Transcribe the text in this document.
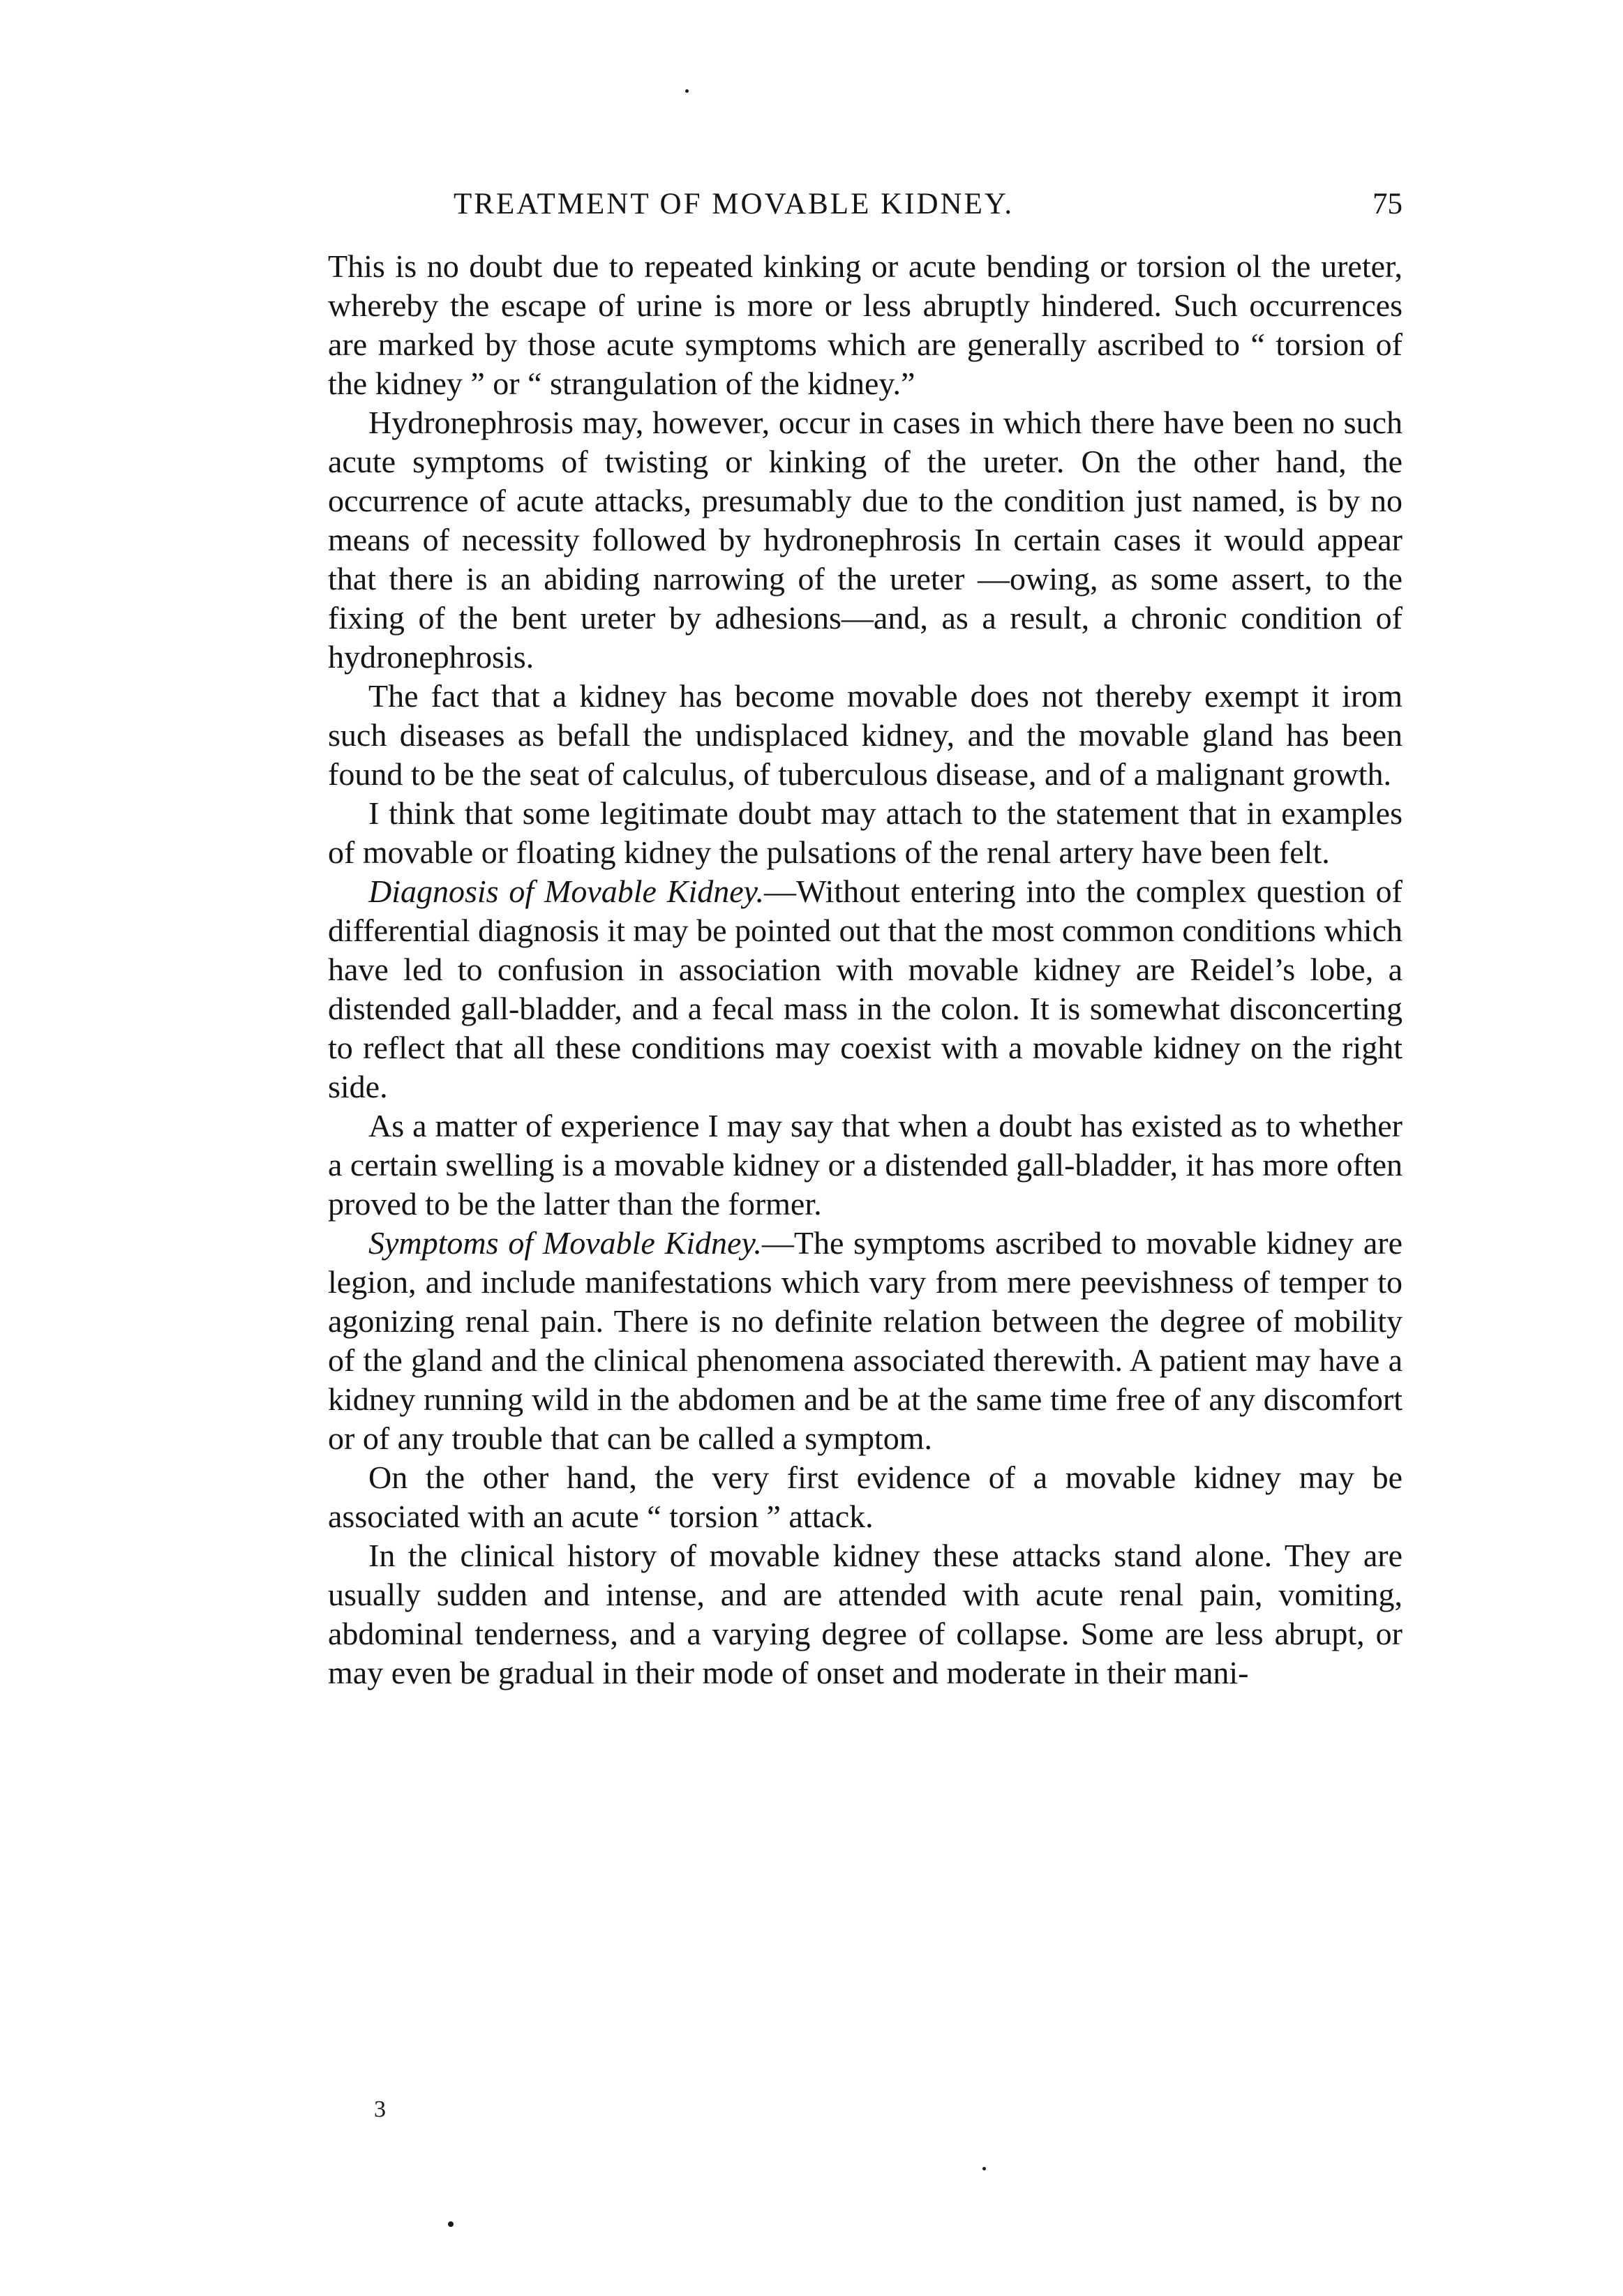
TREATMENT OF MOVABLE KIDNEY.	75

This is no doubt due to repeated kinking or acute bending or torsion ol the ureter, whereby the escape of urine is more or less abruptly hindered. Such occurrences are marked by those acute symptoms which are generally ascribed to “ torsion of the kidney ” or “ strangulation of the kidney.”

Hydronephrosis may, however, occur in cases in which there have been no such acute symptoms of twisting or kinking of the ureter. On the other hand, the occurrence of acute attacks, presumably due to the condition just named, is by no means of necessity followed by hydronephrosis In certain cases it would appear that there is an abiding narrowing of the ureter —owing, as some assert, to the fixing of the bent ureter by adhesions—and, as a result, a chronic condition of hydronephrosis.

The fact that a kidney has become movable does not thereby exempt it irom such diseases as befall the undisplaced kidney, and the movable gland has been found to be the seat of calculus, of tuberculous disease, and of a malignant growth.

I think that some legitimate doubt may attach to the statement that in examples of movable or floating kidney the pulsations of the renal artery have been felt.

Diagnosis of Movable Kidney.—Without entering into the complex question of differential diagnosis it may be pointed out that the most common conditions which have led to confusion in association with movable kidney are Reidel’s lobe, a distended gall-bladder, and a fecal mass in the colon. It is somewhat disconcerting to reflect that all these conditions may coexist with a movable kidney on the right side.

As a matter of experience I may say that when a doubt has existed as to whether a certain swelling is a movable kidney or a distended gall-bladder, it has more often proved to be the latter than the former.

Symptoms of Movable Kidney.—The symptoms ascribed to movable kidney are legion, and include manifestations which vary from mere peevishness of temper to agonizing renal pain. There is no definite relation between the degree of mobility of the gland and the clinical phenomena associated therewith. A patient may have a kidney running wild in the abdomen and be at the same time free of any discomfort or of any trouble that can be called a symptom.

On the other hand, the very first evidence of a movable kidney may be associated with an acute “ torsion ” attack.

In the clinical history of movable kidney these attacks stand alone. They are usually sudden and intense, and are attended with acute renal pain, vomiting, abdominal tenderness, and a varying degree of collapse. Some are less abrupt, or may even be gradual in their mode of onset and moderate in their mani-

3
